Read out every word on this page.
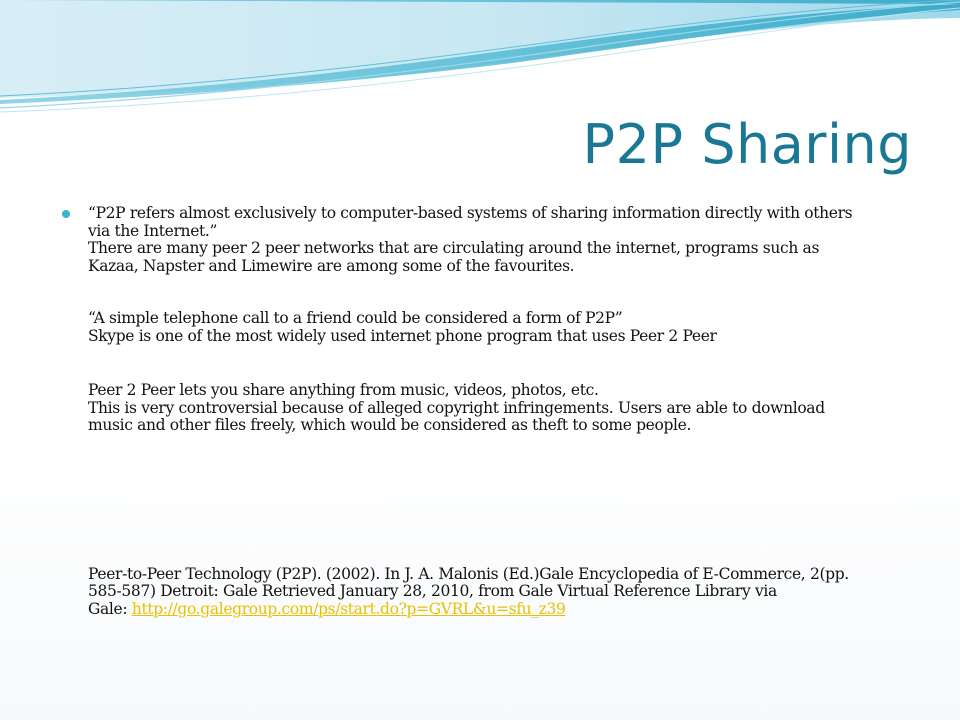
P2P Sharing
“P2P refers almost exclusively to computer-based systems of sharing information directly with others
via the Internet.”
There are many peer 2 peer networks that are circulating around the internet, programs such as
Kazaa, Napster and Limewire are among some of the favourites.
“A simple telephone call to a friend could be considered a form of P2P”
Skype is one of the most widely used internet phone program that uses Peer 2 Peer
Peer 2 Peer lets you share anything from music, videos, photos, etc.
This is very controversial because of alleged copyright infringements. Users are able to download
music and other files freely, which would be considered as theft to some people.
Peer-to-Peer Technology (P2P). (2002). In J. A. Malonis (Ed.)Gale Encyclopedia of E-Commerce, 2(pp.
585-587) Detroit: Gale Retrieved January 28, 2010, from Gale Virtual Reference Library via
Gale: http://go.galegroup.com/ps/start.do?p=GVRL&u=sfu_z39
